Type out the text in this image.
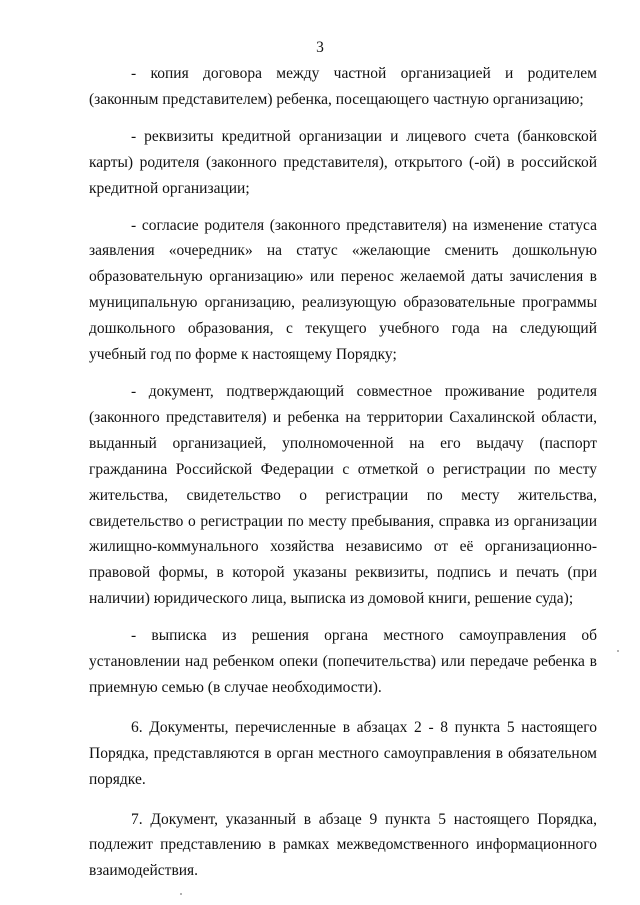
3

- копия договора между частной организацией и родителем (законным представителем) ребенка, посещающего частную организацию;

- реквизиты кредитной организации и лицевого счета (банковской карты) родителя (законного представителя), открытого (-ой) в российской кредитной организации;

- согласие родителя (законного представителя) на изменение статуса заявления «очередник» на статус «желающие сменить дошкольную образовательную организацию» или перенос желаемой даты зачисления в муниципальную организацию, реализующую образовательные программы дошкольного образования, с текущего учебного года на следующий учебный год по форме к настоящему Порядку;

- документ, подтверждающий совместное проживание родителя (законного представителя) и ребенка на территории Сахалинской области, выданный организацией, уполномоченной на его выдачу (паспорт гражданина Российской Федерации с отметкой о регистрации по месту жительства, свидетельство о регистрации по месту жительства, свидетельство о регистрации по месту пребывания, справка из организации жилищно-коммунального хозяйства независимо от её организационно-правовой формы, в которой указаны реквизиты, подпись и печать (при наличии) юридического лица, выписка из домовой книги, решение суда);

- выписка из решения органа местного самоуправления об установлении над ребенком опеки (попечительства) или передаче ребенка в приемную семью (в случае необходимости).

6. Документы, перечисленные в абзацах 2 - 8 пункта 5 настоящего Порядка, представляются в орган местного самоуправления в обязательном порядке.

7. Документ, указанный в абзаце 9 пункта 5 настоящего Порядка, подлежит представлению в рамках межведомственного информационного взаимодействия.
